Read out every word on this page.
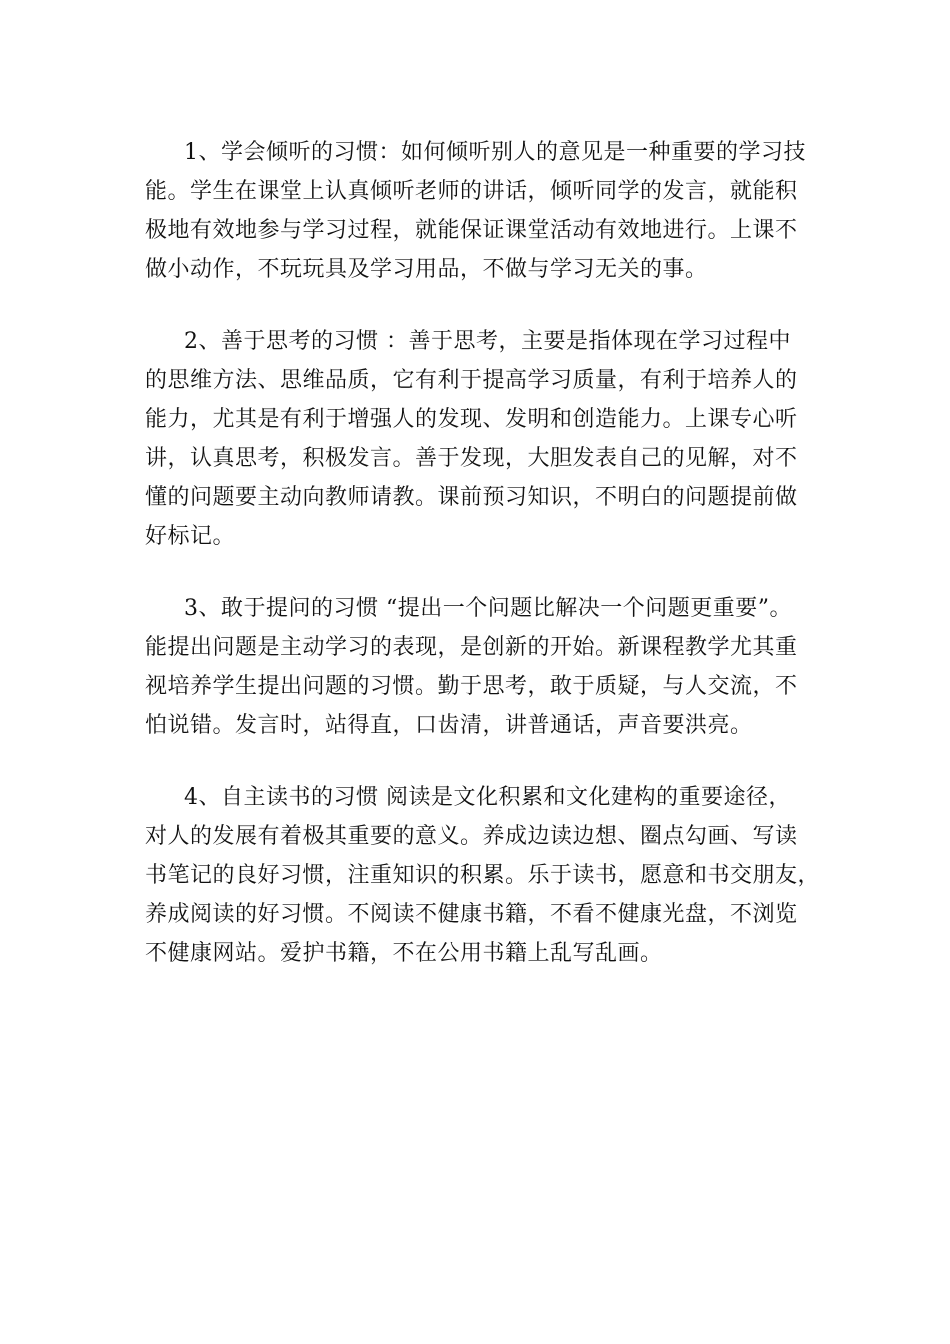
1、学会倾听的习惯：如何倾听别人的意见是一种重要的学习技
能。学生在课堂上认真倾听老师的讲话，倾听同学的发言，就能积
极地有效地参与学习过程，就能保证课堂活动有效地进行。上课不
做小动作，不玩玩具及学习用品，不做与学习无关的事。
2、善于思考的习惯 ：善于思考，主要是指体现在学习过程中
的思维方法、思维品质，它有利于提高学习质量，有利于培养人的
能力，尤其是有利于增强人的发现、发明和创造能力。上课专心听
讲，认真思考，积极发言。善于发现，大胆发表自己的见解，对不
懂的问题要主动向教师请教。课前预习知识，不明白的问题提前做
好标记。
3、敢于提问的习惯 “提出一个问题比解决一个问题更重要”。
能提出问题是主动学习的表现，是创新的开始。新课程教学尤其重
视培养学生提出问题的习惯。勤于思考，敢于质疑，与人交流，不
怕说错。发言时，站得直，口齿清，讲普通话，声音要洪亮。
4、自主读书的习惯 阅读是文化积累和文化建构的重要途径，
对人的发展有着极其重要的意义。养成边读边想、圈点勾画、写读
书笔记的良好习惯，注重知识的积累。乐于读书，愿意和书交朋友，
养成阅读的好习惯。不阅读不健康书籍，不看不健康光盘，不浏览
不健康网站。爱护书籍，不在公用书籍上乱写乱画。
